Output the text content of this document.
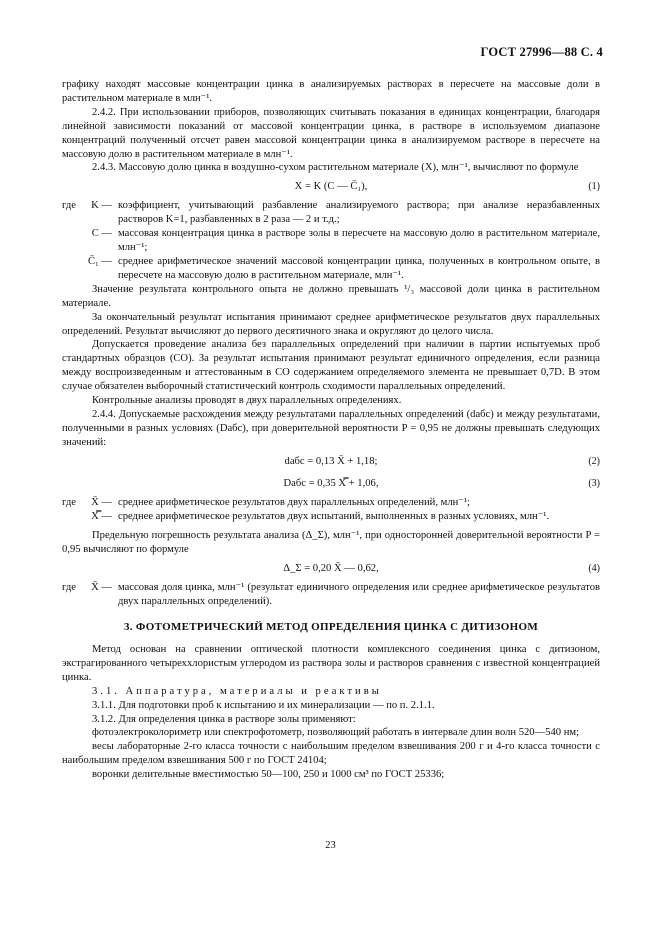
ГОСТ 27996—88 С. 4

графику находят массовые концентрации цинка в анализируемых растворах в пересчете на массовые доли в растительном материале в млн⁻¹.

2.4.2. При использовании приборов, позволяющих считывать показания в единицах концентрации, благодаря линейной зависимости показаний от массовой концентрации цинка, в растворе в используемом диапазоне концентраций полученный отсчет равен массовой концентрации цинка в анализируемом растворе в пересчете на массовую долю в растительном материале в млн⁻¹.

2.4.3. Массовую долю цинка в воздушно-сухом растительном материале (X), млн⁻¹, вычисляют по формуле

X = K (C — C̄₁),	(1)
где	K — коэффициент, учитывающий разбавление анализируемого раствора; при анализе неразбавленных растворов K=1, разбавленных в 2 раза — 2 и т.д.;
C — массовая концентрация цинка в растворе золы в пересчете на массовую долю в растительном материале, млн⁻¹;
C̄₁ — среднее арифметическое значений массовой концентрации цинка, полученных в контрольном опыте, в пересчете на массовую долю в растительном материале, млн⁻¹.

Значение результата контрольного опыта не должно превышать ¹/₃ массовой доли цинка в растительном материале.

За окончательный результат испытания принимают среднее арифметическое результатов двух параллельных определений. Результат вычисляют до первого десятичного знака и округляют до целого числа.

Допускается проведение анализа без параллельных определений при наличии в партии испытуемых проб стандартных образцов (СО). За результат испытания принимают результат единичного определения, если разница между воспроизведенным и аттестованным в СО содержанием определяемого элемента не превышает 0,7D. В этом случае обязателен выборочный статистический контроль сходимости параллельных определений.

Контрольные анализы проводят в двух параллельных определениях.

2.4.4. Допускаемые расхождения между результатами параллельных определений (dабс) и между результатами, полученными в разных условиях (Dабс), при доверительной вероятности P = 0,95 не должны превышать следующих значений:

dабс = 0,13 X̄ + 1,18;	(2)
Dабс = 0,35 X̿ + 1,06,	(3)
где	X̄ — среднее арифметическое результатов двух параллельных определений, млн⁻¹;
X̿ — среднее арифметическое результатов двух испытаний, выполненных в разных условиях, млн⁻¹.

Предельную погрешность результата анализа (Δ_Σ), млн⁻¹, при односторонней доверительной вероятности P = 0,95 вычисляют по формуле

Δ_Σ = 0,20 X̄ — 0,62,	(4)
где	X̄ — массовая доля цинка, млн⁻¹ (результат единичного определения или среднее арифметическое результатов двух параллельных определений).
3. ФОТОМЕТРИЧЕСКИЙ МЕТОД ОПРЕДЕЛЕНИЯ ЦИНКА С ДИТИЗОНОМ

Метод основан на сравнении оптической плотности комплексного соединения цинка с дитизоном, экстрагированного четыреххлористым углеродом из раствора золы и растворов сравнения с известной концентрацией цинка.

3.1. Аппаратура, материалы и реактивы

3.1.1. Для подготовки проб к испытанию и их минерализации — по п. 2.1.1.

3.1.2. Для определения цинка в растворе золы применяют:

фотоэлектроколориметр или спектрофотометр, позволяющий работать в интервале длин волн 520—540 нм;

весы лабораторные 2-го класса точности с наибольшим пределом взвешивания 200 г и 4-го класса точности с наибольшим пределом взвешивания 500 г по ГОСТ 24104;

воронки делительные вместимостью 50—100, 250 и 1000 см³ по ГОСТ 25336;

23
